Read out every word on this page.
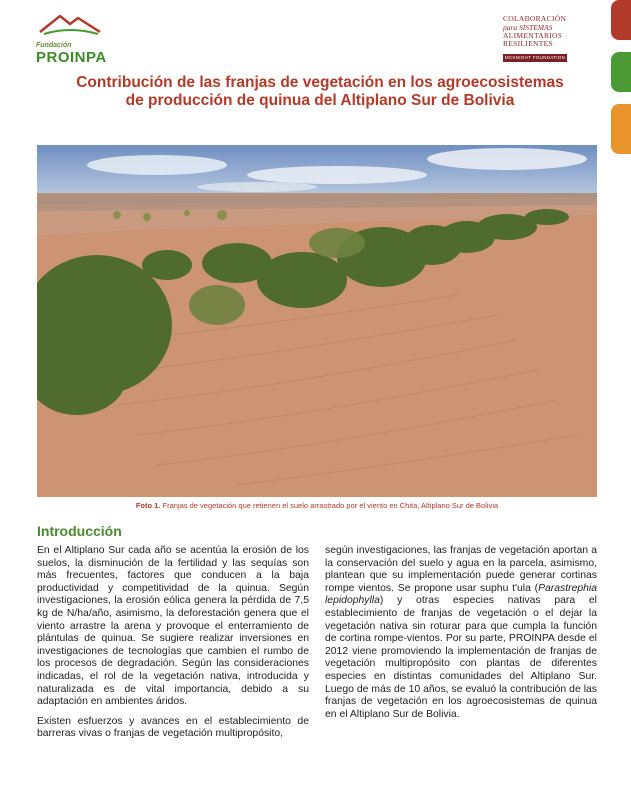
Fundación
PROINPA
COLABORACIÓN
para SISTEMAS
ALIMENTARIOS
RESILIENTES
MCKNIGHT FOUNDATION
Contribución de las franjas de vegetación en los agroecosistemas de producción de quinua del Altiplano Sur de Bolivia
Foto 1. Franjas de vegetación que retienen el suelo arrastrado por el viento en Chita, Altiplano Sur de Bolivia
Introducción

En el Altiplano Sur cada año se acentúa la erosión de los suelos, la disminución de la fertilidad y las sequías son más frecuentes, factores que conducen a la baja productividad y competitividad de la quinua. Según investigaciones, la erosión eólica genera la pérdida de 7,5 kg de N/ha/año, asimismo, la deforestación genera que el viento arrastre la arena y provoque el enterramiento de plántulas de quinua. Se sugiere realizar inversiones en investigaciones de tecnologías que cambien el rumbo de los procesos de degradación. Según las consideraciones indicadas, el rol de la vegetación nativa, introducida y naturalizada es de vital importancia, debido a su adaptación en ambientes áridos.

Existen esfuerzos y avances en el establecimiento de barreras vivas o franjas de vegetación multipropósito,

según investigaciones, las franjas de vegetación aportan a la conservación del suelo y agua en la parcela, asimismo, plantean que su implementación puede generar cortinas rompe vientos. Se propone usar suphu t'ula (Parastrephia lepidophylla) y otras especies nativas para el establecimiento de franjas de vegetación o el dejar la vegetación nativa sin roturar para que cumpla la función de cortina rompe-vientos. Por su parte, PROINPA desde el 2012 viene promoviendo la implementación de franjas de vegetación multipropósito con plantas de diferentes especies en distintas comunidades del Altiplano Sur. Luego de más de 10 años, se evaluó la contribución de las franjas de vegetación en los agroecosistemas de quinua en el Altiplano Sur de Bolivia.
